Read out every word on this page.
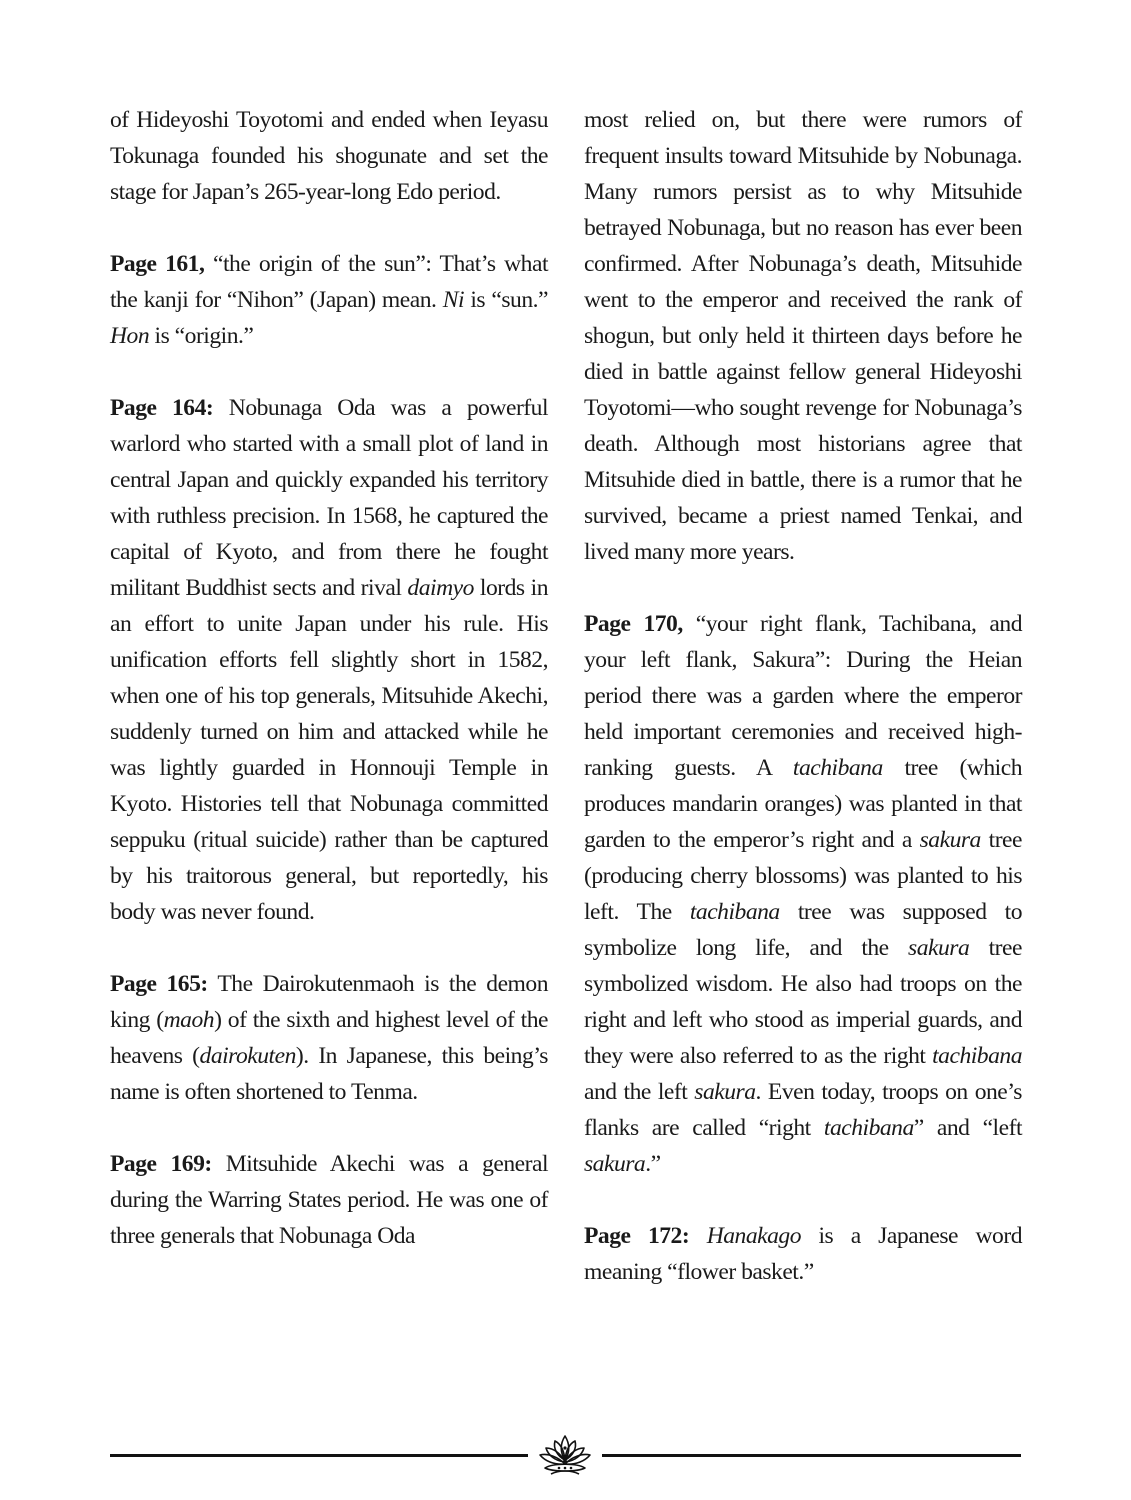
of Hideyoshi Toyotomi and ended when Ieyasu Tokunaga founded his shogunate and set the stage for Japan’s 265-year-long Edo period.

Page 161, “the origin of the sun”: That’s what the kanji for “Nihon” (Japan) mean. Ni is “sun.” Hon is “origin.”

Page 164: Nobunaga Oda was a powerful warlord who started with a small plot of land in central Japan and quickly expanded his territory with ruthless precision. In 1568, he captured the capital of Kyoto, and from there he fought militant Buddhist sects and rival daimyo lords in an effort to unite Japan under his rule. His unification efforts fell slightly short in 1582, when one of his top generals, Mitsuhide Akechi, suddenly turned on him and attacked while he was lightly guarded in Honnouji Temple in Kyoto. Histories tell that Nobunaga committed seppuku (ritual suicide) rather than be captured by his traitorous general, but reportedly, his body was never found.

Page 165: The Dairokutenmaoh is the demon king (maoh) of the sixth and highest level of the heavens (dairokuten). In Japanese, this being’s name is often shortened to Tenma.

Page 169: Mitsuhide Akechi was a general during the Warring States period. He was one of three generals that Nobunaga Oda

most relied on, but there were rumors of frequent insults toward Mitsuhide by Nobunaga. Many rumors persist as to why Mitsuhide betrayed Nobunaga, but no reason has ever been confirmed. After Nobunaga’s death, Mitsuhide went to the emperor and received the rank of shogun, but only held it thirteen days before he died in battle against fellow general Hideyoshi Toyotomi—who sought revenge for Nobunaga’s death. Although most historians agree that Mitsuhide died in battle, there is a rumor that he survived, became a priest named Tenkai, and lived many more years.

Page 170, “your right flank, Tachibana, and your left flank, Sakura”: During the Heian period there was a garden where the emperor held important ceremonies and received high-ranking guests. A tachibana tree (which produces mandarin oranges) was planted in that garden to the emperor’s right and a sakura tree (producing cherry blossoms) was planted to his left. The tachibana tree was supposed to symbolize long life, and the sakura tree symbolized wisdom. He also had troops on the right and left who stood as imperial guards, and they were also referred to as the right tachibana and the left sakura. Even today, troops on one’s flanks are called “right tachibana” and “left sakura.”

Page 172: Hanakago is a Japanese word meaning “flower basket.”
